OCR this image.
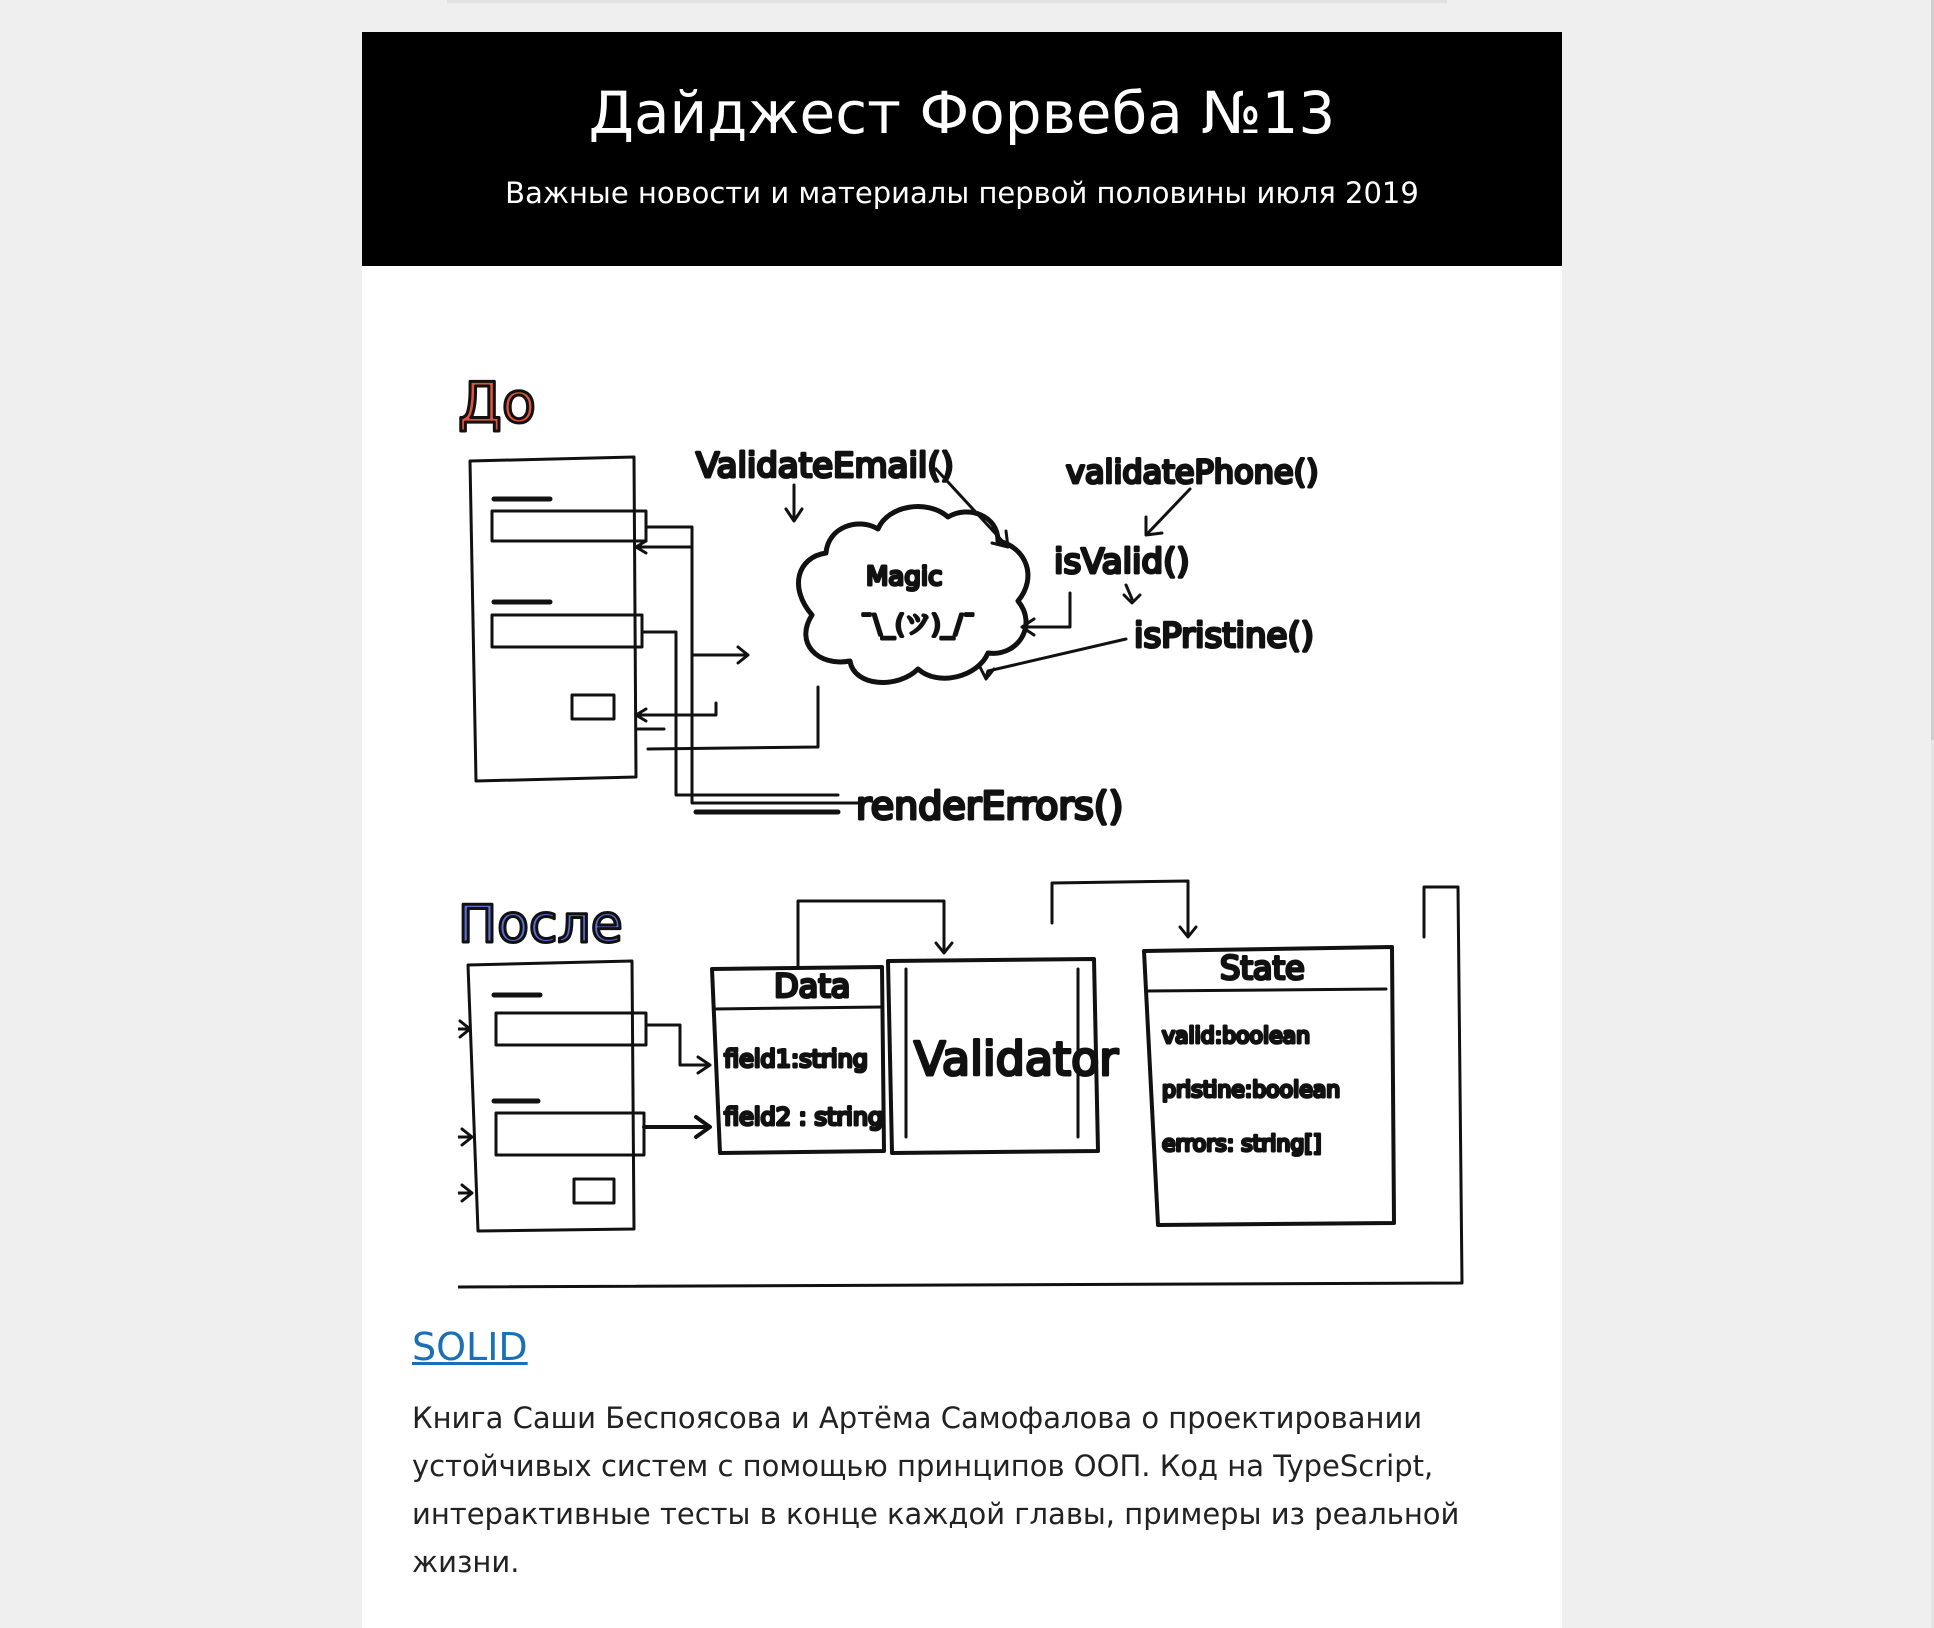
Дайджест Форвеба №13

Важные новости и материалы первой половины июля 2019

До
Magic
¯\_(ツ)_/¯
ValidateEmail()	validatePhone()
isValid()
isPristine()
renderErrors()
После
Data
field1:string
field2 : string
Validator
State
valid:boolean
pristine:boolean
errors: string[]
SOLID

Книга Саши Беспоясова и Артёма Самофалова о проектировании устойчивых систем с помощью принципов ООП. Код на TypeScript, интерактивные тесты в конце каждой главы, примеры из реальной жизни.
